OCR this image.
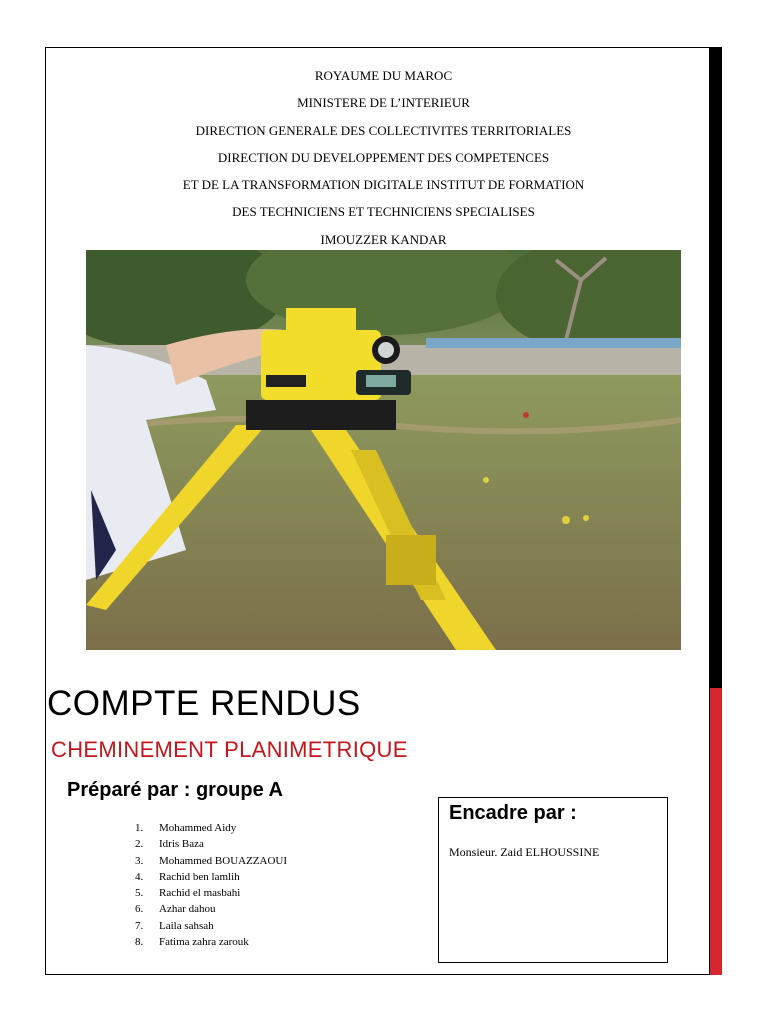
ROYAUME DU MAROC
MINISTERE DE L’INTERIEUR
DIRECTION GENERALE DES COLLECTIVITES TERRITORIALES
DIRECTION DU DEVELOPPEMENT DES COMPETENCES
ET DE LA TRANSFORMATION DIGITALE INSTITUT DE FORMATION
DES TECHNICIENS ET TECHNICIENS SPECIALISES
IMOUZZER KANDAR
COMPTE RENDUS
CHEMINEMENT PLANIMETRIQUE
Préparé par : groupe A
1. Mohammed Aidy
2. Idris Baza
3. Mohammed BOUAZZAOUI
4. Rachid ben lamlih
5. Rachid el masbahi
6. Azhar dahou
7. Laila sahsah
8. Fatima zahra zarouk
Encadre par :
Monsieur. Zaid ELHOUSSINE
